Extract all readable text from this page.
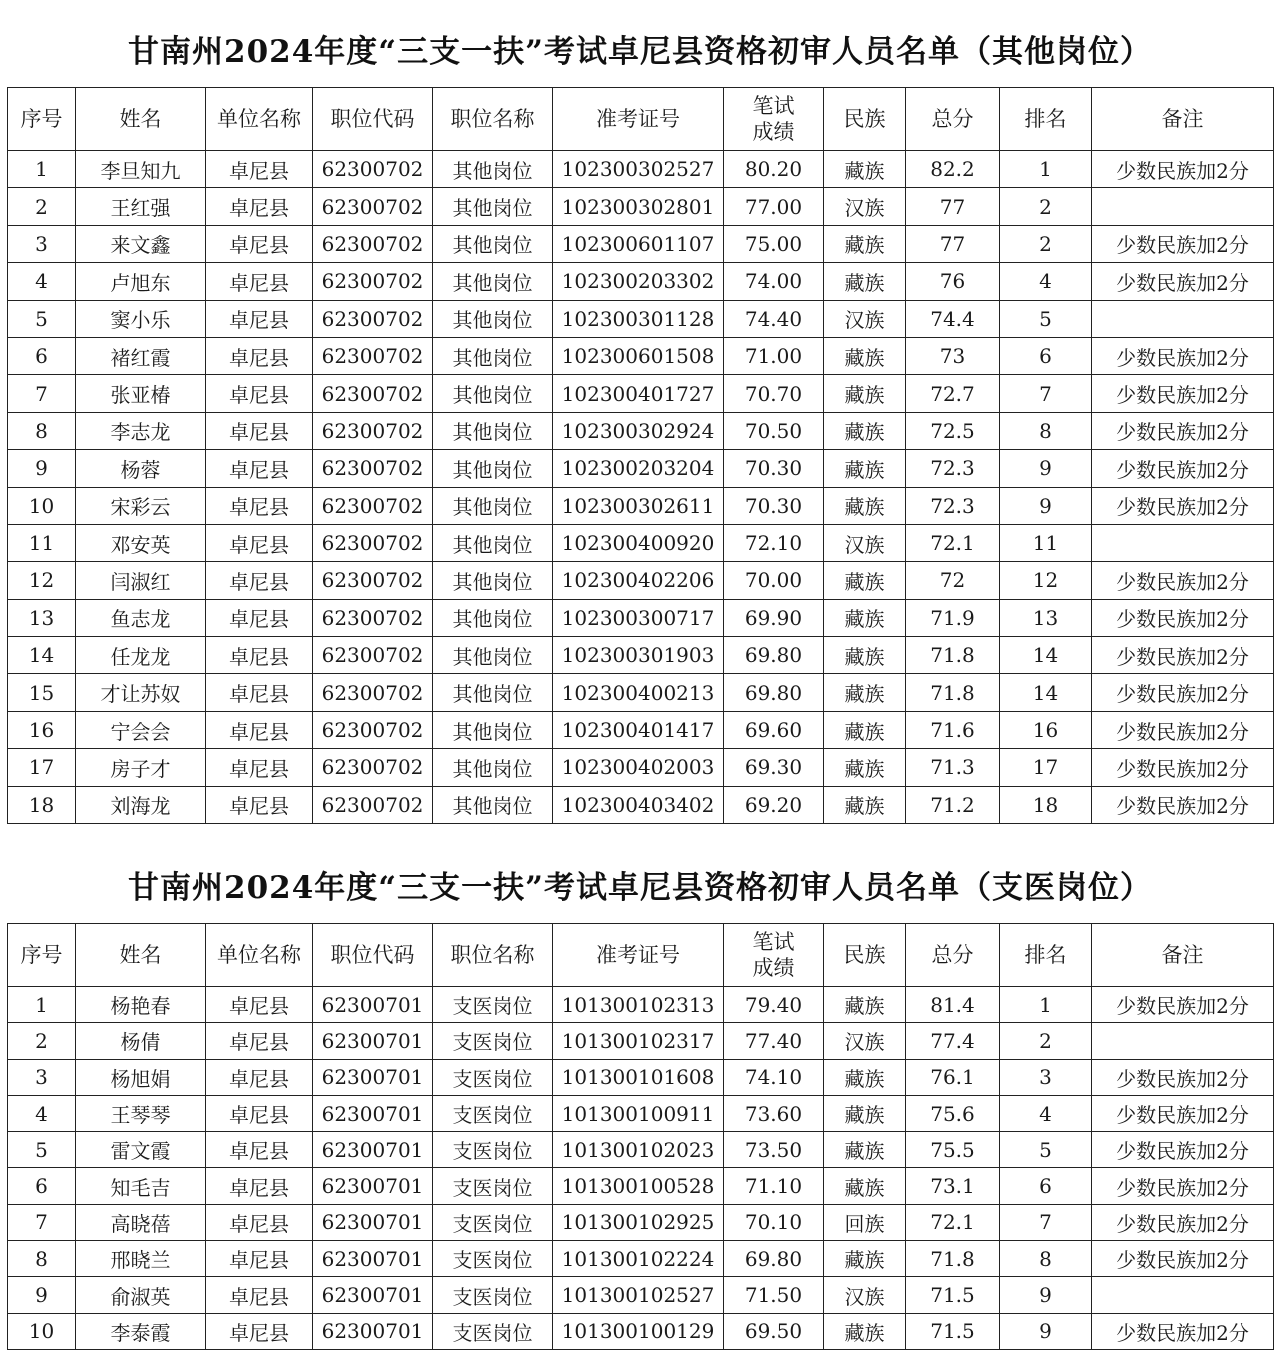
甘南州2024年度“三支一扶”考试卓尼县资格初审人员名单（其他岗位）
序号	姓名	单位名称	职位代码	职位名称	准考证号	笔试成绩	民族	总分	排名	备注
1	李旦知九	卓尼县	62300702	其他岗位	102300302527	80.20	藏族	82.2	1	少数民族加2分
2	王红强	卓尼县	62300702	其他岗位	102300302801	77.00	汉族	77	2	
3	来文鑫	卓尼县	62300702	其他岗位	102300601107	75.00	藏族	77	2	少数民族加2分
4	卢旭东	卓尼县	62300702	其他岗位	102300203302	74.00	藏族	76	4	少数民族加2分
5	窦小乐	卓尼县	62300702	其他岗位	102300301128	74.40	汉族	74.4	5	
6	褚红霞	卓尼县	62300702	其他岗位	102300601508	71.00	藏族	73	6	少数民族加2分
7	张亚椿	卓尼县	62300702	其他岗位	102300401727	70.70	藏族	72.7	7	少数民族加2分
8	李志龙	卓尼县	62300702	其他岗位	102300302924	70.50	藏族	72.5	8	少数民族加2分
9	杨蓉	卓尼县	62300702	其他岗位	102300203204	70.30	藏族	72.3	9	少数民族加2分
10	宋彩云	卓尼县	62300702	其他岗位	102300302611	70.30	藏族	72.3	9	少数民族加2分
11	邓安英	卓尼县	62300702	其他岗位	102300400920	72.10	汉族	72.1	11	
12	闫淑红	卓尼县	62300702	其他岗位	102300402206	70.00	藏族	72	12	少数民族加2分
13	鱼志龙	卓尼县	62300702	其他岗位	102300300717	69.90	藏族	71.9	13	少数民族加2分
14	任龙龙	卓尼县	62300702	其他岗位	102300301903	69.80	藏族	71.8	14	少数民族加2分
15	才让苏奴	卓尼县	62300702	其他岗位	102300400213	69.80	藏族	71.8	14	少数民族加2分
16	宁会会	卓尼县	62300702	其他岗位	102300401417	69.60	藏族	71.6	16	少数民族加2分
17	房子才	卓尼县	62300702	其他岗位	102300402003	69.30	藏族	71.3	17	少数民族加2分
18	刘海龙	卓尼县	62300702	其他岗位	102300403402	69.20	藏族	71.2	18	少数民族加2分
甘南州2024年度“三支一扶”考试卓尼县资格初审人员名单（支医岗位）
序号	姓名	单位名称	职位代码	职位名称	准考证号	笔试成绩	民族	总分	排名	备注
1	杨艳春	卓尼县	62300701	支医岗位	101300102313	79.40	藏族	81.4	1	少数民族加2分
2	杨倩	卓尼县	62300701	支医岗位	101300102317	77.40	汉族	77.4	2	
3	杨旭娟	卓尼县	62300701	支医岗位	101300101608	74.10	藏族	76.1	3	少数民族加2分
4	王琴琴	卓尼县	62300701	支医岗位	101300100911	73.60	藏族	75.6	4	少数民族加2分
5	雷文霞	卓尼县	62300701	支医岗位	101300102023	73.50	藏族	75.5	5	少数民族加2分
6	知毛吉	卓尼县	62300701	支医岗位	101300100528	71.10	藏族	73.1	6	少数民族加2分
7	高晓蓓	卓尼县	62300701	支医岗位	101300102925	70.10	回族	72.1	7	少数民族加2分
8	邢晓兰	卓尼县	62300701	支医岗位	101300102224	69.80	藏族	71.8	8	少数民族加2分
9	俞淑英	卓尼县	62300701	支医岗位	101300102527	71.50	汉族	71.5	9	
10	李泰霞	卓尼县	62300701	支医岗位	101300100129	69.50	藏族	71.5	9	少数民族加2分
